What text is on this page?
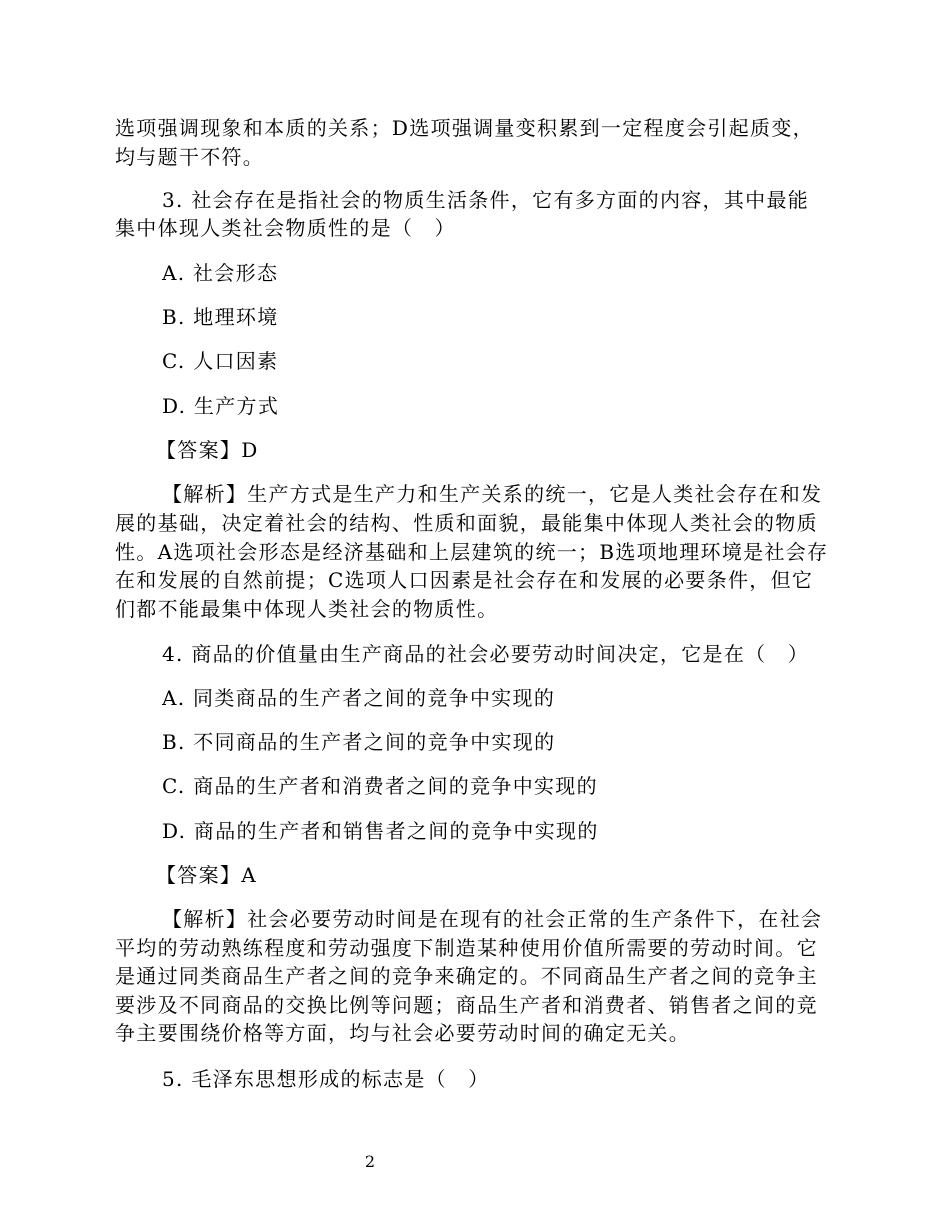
选项强调现象和本质的关系；D选项强调量变积累到一定程度会引起质变，
均与题干不符。
3. 社会存在是指社会的物质生活条件，它有多方面的内容，其中最能
集中体现人类社会物质性的是（　）
A. 社会形态
B. 地理环境
C. 人口因素
D. 生产方式
【答案】D
【解析】生产方式是生产力和生产关系的统一，它是人类社会存在和发
展的基础，决定着社会的结构、性质和面貌，最能集中体现人类社会的物质
性。A选项社会形态是经济基础和上层建筑的统一；B选项地理环境是社会存
在和发展的自然前提；C选项人口因素是社会存在和发展的必要条件，但它
们都不能最集中体现人类社会的物质性。
4. 商品的价值量由生产商品的社会必要劳动时间决定，它是在（　）
A. 同类商品的生产者之间的竞争中实现的
B. 不同商品的生产者之间的竞争中实现的
C. 商品的生产者和消费者之间的竞争中实现的
D. 商品的生产者和销售者之间的竞争中实现的
【答案】A
【解析】社会必要劳动时间是在现有的社会正常的生产条件下，在社会
平均的劳动熟练程度和劳动强度下制造某种使用价值所需要的劳动时间。它
是通过同类商品生产者之间的竞争来确定的。不同商品生产者之间的竞争主
要涉及不同商品的交换比例等问题；商品生产者和消费者、销售者之间的竞
争主要围绕价格等方面，均与社会必要劳动时间的确定无关。
5. 毛泽东思想形成的标志是（　）
2
